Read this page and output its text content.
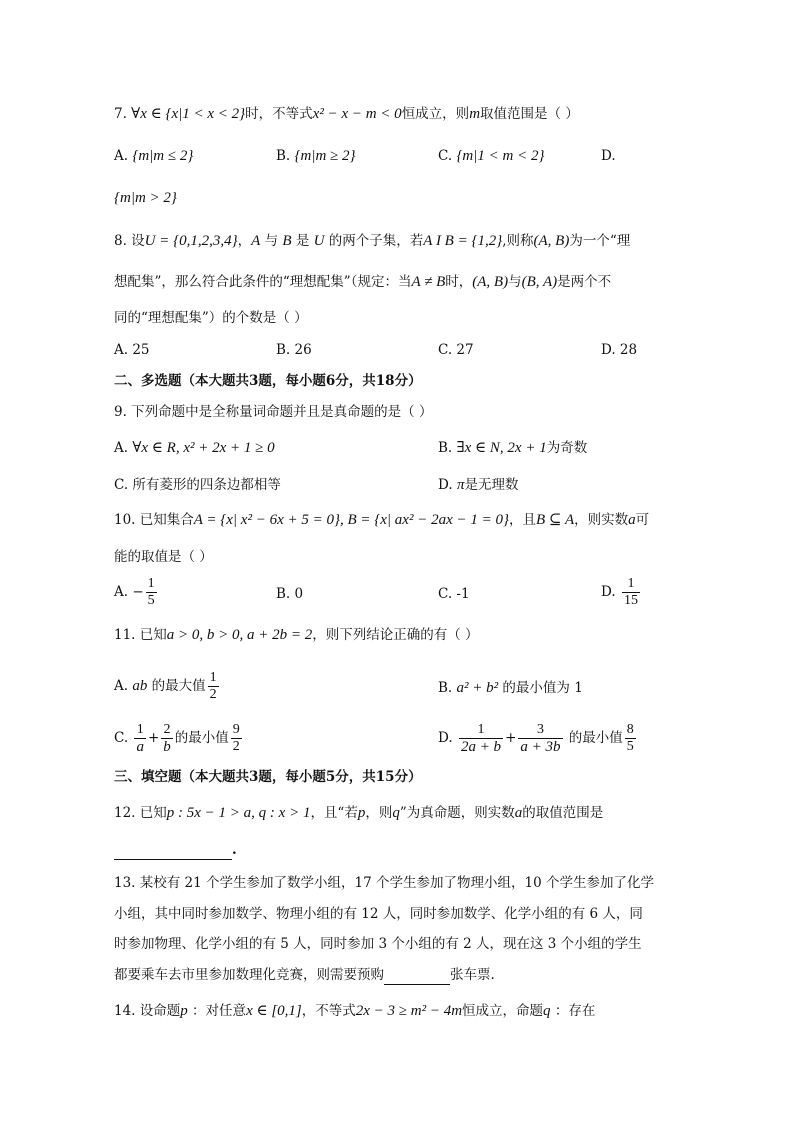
7. ∀x ∈ {x|1 < x < 2}时，不等式x² − x − m < 0恒成立，则m取值范围是（ ）
A. {m|m ≤ 2}	B. {m|m ≥ 2}	C. {m|1 < m < 2}	D.
{m|m > 2}
8. 设U = {0,1,2,3,4}，A 与 B 是 U 的两个子集，若A I B = {1,2},则称(A, B)为一个“理
想配集”，那么符合此条件的“理想配集”（规定：当A ≠ B时，(A, B)与(B, A)是两个不
同的“理想配集”）的个数是（ ）
A. 25	B. 26	C. 27	D. 28
二、多选题（本大题共3题，每小题6分，共18分）
9. 下列命题中是全称量词命题并且是真命题的是（ ）
A. ∀x ∈ R, x² + 2x + 1 ≥ 0	B. ∃x ∈ N, 2x + 1为奇数
C. 所有菱形的四条边都相等	D. π是无理数
10. 已知集合A = {x| x² − 6x + 5 = 0}, B = {x| ax² − 2ax − 1 = 0}，且B ⊆ A，则实数a可
能的取值是（ ）
A. − $\frac{1}{5}$	B. 0	C. -1	D. $\frac{1}{15}$
11. 已知a > 0, b > 0, a + 2b = 2，则下列结论正确的有（ ）
A. ab 的最大值 $\frac{1}{2}$	B. a² + b² 的最小值为 1
C. $\frac{1}{a} + \frac{2}{b}$ 的最小值 $\frac{9}{2}$	D. $\frac{1}{2a + b} + \frac{3}{a + 3b}$ 的最小值 $\frac{8}{5}$
三、填空题（本大题共3题，每小题5分，共15分）
12. 已知p : 5x − 1 > a, q : x > 1，且“若p，则q”为真命题，则实数a的取值范围是
.
13. 某校有 21 个学生参加了数学小组，17 个学生参加了物理小组，10 个学生参加了化学
小组，其中同时参加数学、物理小组的有 12 人，同时参加数学、化学小组的有 6 人，同
时参加物理、化学小组的有 5 人，同时参加 3 个小组的有 2 人，现在这 3 个小组的学生
都要乘车去市里参加数理化竞赛，则需要预购	张车票.
14. 设命题p ：对任意x ∈ [0,1]，不等式2x − 3 ≥ m² − 4m恒成立，命题q ：存在
